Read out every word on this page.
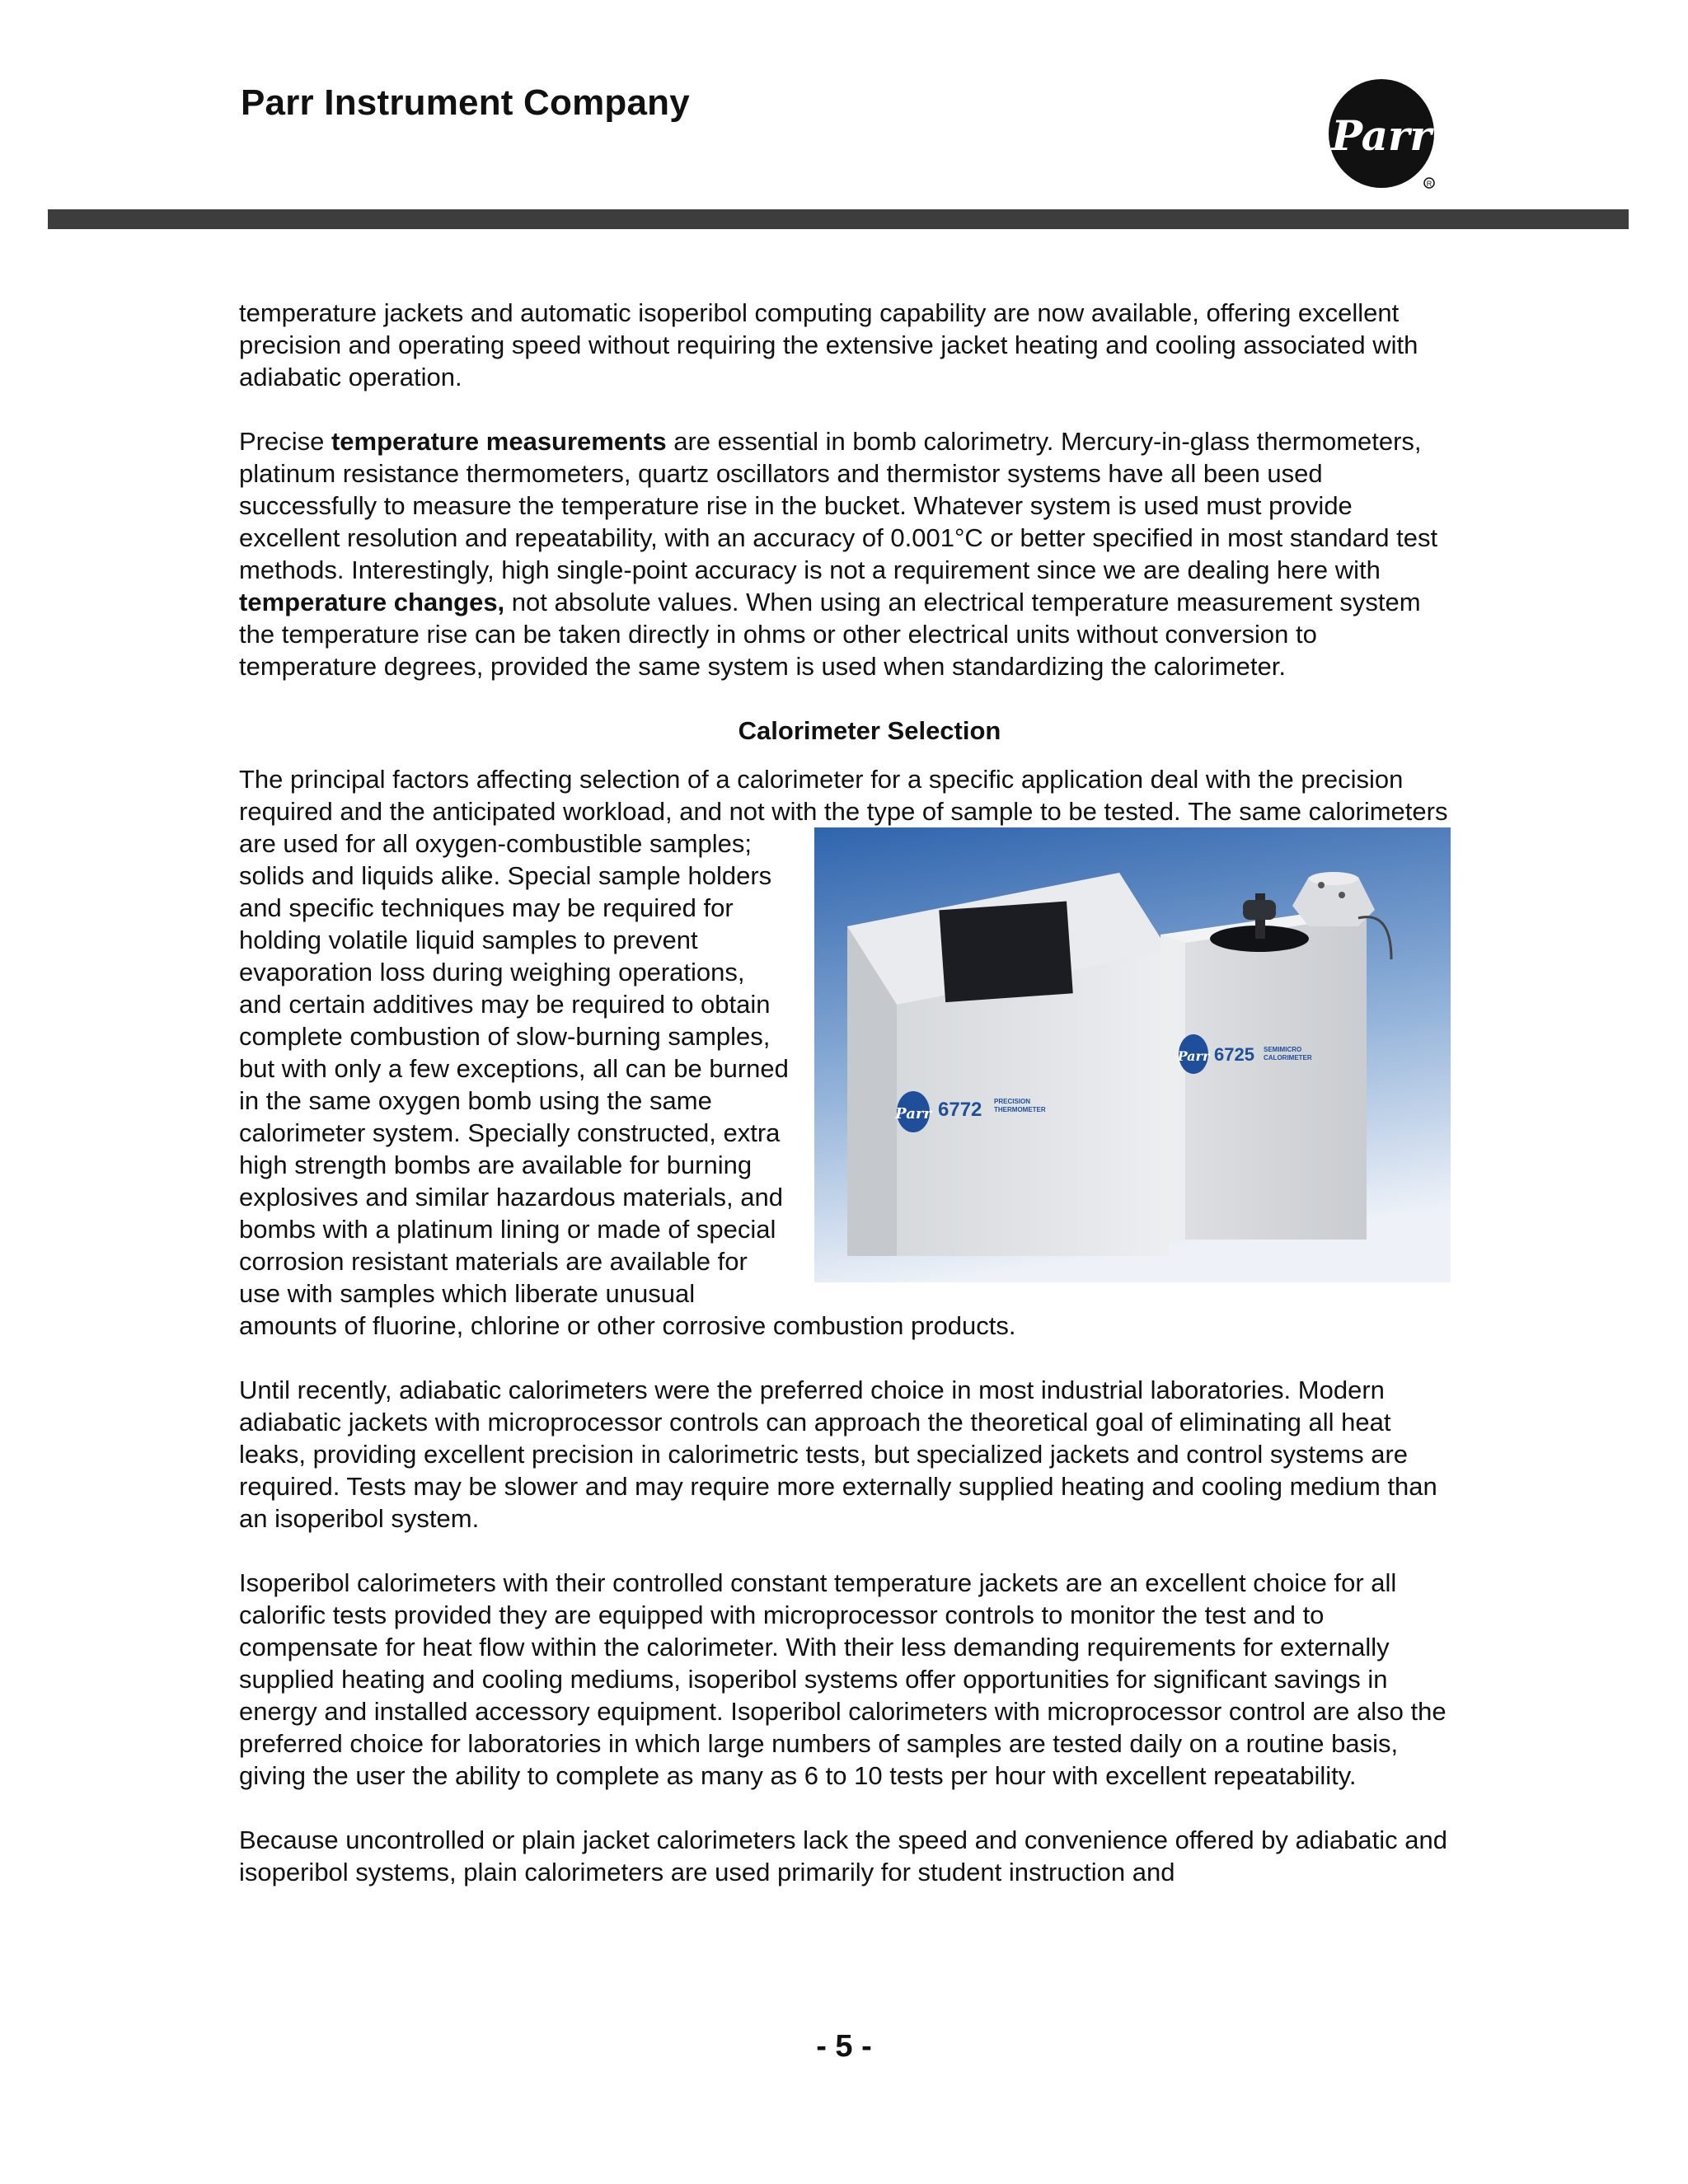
Parr Instrument Company
Parr
R

temperature jackets and automatic isoperibol computing capability are now available, offering excellent precision and operating speed without requiring the extensive jacket heating and cooling associated with adiabatic operation.

Precise temperature measurements are essential in bomb calorimetry. Mercury-in-glass thermometers, platinum resistance thermometers, quartz oscillators and thermistor systems have all been used successfully to measure the temperature rise in the bucket. Whatever system is used must provide excellent resolution and repeatability, with an accuracy of 0.001°C or better specified in most standard test methods. Interestingly, high single-point accuracy is not a requirement since we are dealing here with temperature changes, not absolute values. When using an electrical temperature measurement system the temperature rise can be taken directly in ohms or other electrical units without conversion to temperature degrees, provided the same system is used when standardizing the calorimeter.

Calorimeter Selection

The principal factors affecting selection of a calorimeter for a specific application deal with the precision required and the anticipated workload, and not with the type of sample to be tested.
Parr 6772 PRECISION
THERMOMETER
Parr 6725 SEMIMICRO
CALORIMETER
The same calorimeters are used for all oxygen-combustible samples; solids and liquids alike. Special sample holders and specific techniques may be required for holding volatile liquid samples to prevent evaporation loss during weighing operations, and certain additives may be required to obtain complete combustion of slow-burning samples, but with only a few exceptions, all can be burned in the same oxygen bomb using the same calorimeter system. Specially constructed, extra high strength bombs are available for burning explosives and similar hazardous materials, and bombs with a platinum lining or made of special corrosion resistant materials are available for use with samples which liberate unusual amounts of fluorine, chlorine or other corrosive combustion products.

Until recently, adiabatic calorimeters were the preferred choice in most industrial laboratories. Modern adiabatic jackets with microprocessor controls can approach the theoretical goal of eliminating all heat leaks, providing excellent precision in calorimetric tests, but specialized jackets and control systems are required. Tests may be slower and may require more externally supplied heating and cooling medium than an isoperibol system.

Isoperibol calorimeters with their controlled constant temperature jackets are an excellent choice for all calorific tests provided they are equipped with microprocessor controls to monitor the test and to compensate for heat flow within the calorimeter. With their less demanding requirements for externally supplied heating and cooling mediums, isoperibol systems offer opportunities for significant savings in energy and installed accessory equipment. Isoperibol calorimeters with microprocessor control are also the preferred choice for laboratories in which large numbers of samples are tested daily on a routine basis, giving the user the ability to complete as many as 6 to 10 tests per hour with excellent repeatability.

Because uncontrolled or plain jacket calorimeters lack the speed and convenience offered by adiabatic and isoperibol systems, plain calorimeters are used primarily for student instruction and

- 5 -
